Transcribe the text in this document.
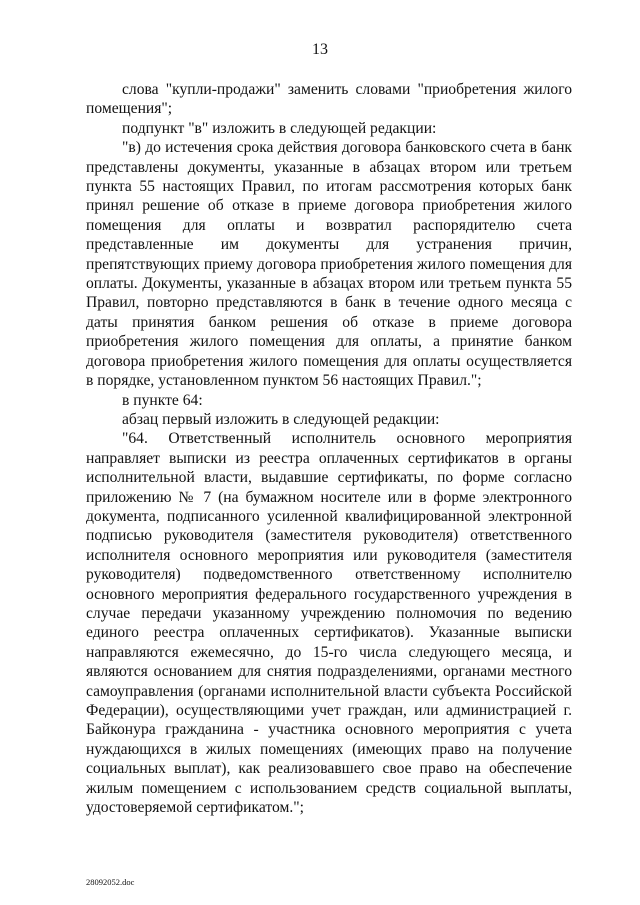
13

слова "купли-продажи" заменить словами "приобретения жилого помещения";

подпункт "в" изложить в следующей редакции:

"в) до истечения срока действия договора банковского счета в банк представлены документы, указанные в абзацах втором или третьем пункта 55 настоящих Правил, по итогам рассмотрения которых банк принял решение об отказе в приеме договора приобретения жилого помещения для оплаты и возвратил распорядителю счета представленные им документы для устранения причин, препятствующих приему договора приобретения жилого помещения для оплаты. Документы, указанные в абзацах втором или третьем пункта 55 Правил, повторно представляются в банк в течение одного месяца с даты принятия банком решения об отказе в приеме договора приобретения жилого помещения для оплаты, а принятие банком договора приобретения жилого помещения для оплаты осуществляется в порядке, установленном пунктом 56 настоящих Правил.";

в пункте 64:

абзац первый изложить в следующей редакции:

"64. Ответственный исполнитель основного мероприятия направляет выписки из реестра оплаченных сертификатов в органы исполнительной власти, выдавшие сертификаты, по форме согласно приложению № 7 (на бумажном носителе или в форме электронного документа, подписанного усиленной квалифицированной электронной подписью руководителя (заместителя руководителя) ответственного исполнителя основного мероприятия или руководителя (заместителя руководителя) подведомственного ответственному исполнителю основного мероприятия федерального государственного учреждения в случае передачи указанному учреждению полномочия по ведению единого реестра оплаченных сертификатов). Указанные выписки направляются ежемесячно, до 15-го числа следующего месяца, и являются основанием для снятия подразделениями, органами местного самоуправления (органами исполнительной власти субъекта Российской Федерации), осуществляющими учет граждан, или администрацией г. Байконура гражданина - участника основного мероприятия с учета нуждающихся в жилых помещениях (имеющих право на получение социальных выплат), как реализовавшего свое право на обеспечение жилым помещением с использованием средств социальной выплаты, удостоверяемой сертификатом.";

28092052.doc
